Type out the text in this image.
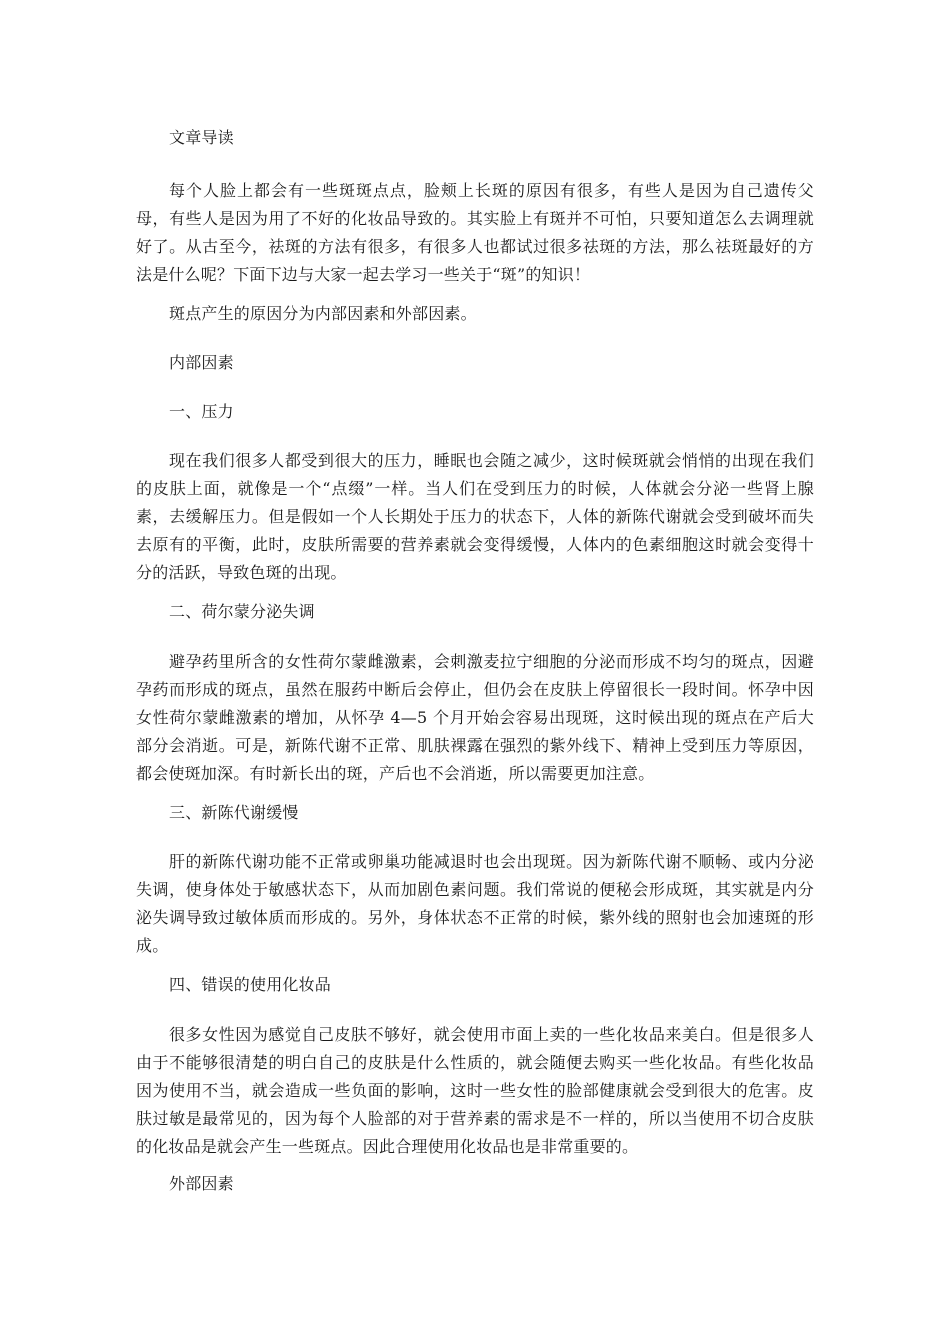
文章导读

每个人脸上都会有一些斑斑点点，脸颊上长斑的原因有很多，有些人是因为自己遗传父母，有些人是因为用了不好的化妆品导致的。其实脸上有斑并不可怕，只要知道怎么去调理就好了。从古至今，祛斑的方法有很多，有很多人也都试过很多祛斑的方法，那么祛斑最好的方法是什么呢？下面下边与大家一起去学习一些关于“斑”的知识！

斑点产生的原因分为内部因素和外部因素。

内部因素

一、压力

现在我们很多人都受到很大的压力，睡眠也会随之减少，这时候斑就会悄悄的出现在我们的皮肤上面，就像是一个“点缀”一样。当人们在受到压力的时候，人体就会分泌一些肾上腺素，去缓解压力。但是假如一个人长期处于压力的状态下，人体的新陈代谢就会受到破坏而失去原有的平衡，此时，皮肤所需要的营养素就会变得缓慢，人体内的色素细胞这时就会变得十分的活跃，导致色斑的出现。

二、荷尔蒙分泌失调

避孕药里所含的女性荷尔蒙雌激素，会刺激麦拉宁细胞的分泌而形成不均匀的斑点，因避孕药而形成的斑点，虽然在服药中断后会停止，但仍会在皮肤上停留很长一段时间。怀孕中因女性荷尔蒙雌激素的增加，从怀孕 4—5 个月开始会容易出现斑，这时候出现的斑点在产后大部分会消逝。可是，新陈代谢不正常、肌肤裸露在强烈的紫外线下、精神上受到压力等原因，都会使斑加深。有时新长出的斑，产后也不会消逝，所以需要更加注意。

三、新陈代谢缓慢

肝的新陈代谢功能不正常或卵巢功能减退时也会出现斑。因为新陈代谢不顺畅、或内分泌失调，使身体处于敏感状态下，从而加剧色素问题。我们常说的便秘会形成斑，其实就是内分泌失调导致过敏体质而形成的。另外，身体状态不正常的时候，紫外线的照射也会加速斑的形成。

四、错误的使用化妆品

很多女性因为感觉自己皮肤不够好，就会使用市面上卖的一些化妆品来美白。但是很多人由于不能够很清楚的明白自己的皮肤是什么性质的，就会随便去购买一些化妆品。有些化妆品因为使用不当，就会造成一些负面的影响，这时一些女性的脸部健康就会受到很大的危害。皮肤过敏是最常见的，因为每个人脸部的对于营养素的需求是不一样的，所以当使用不切合皮肤的化妆品是就会产生一些斑点。因此合理使用化妆品也是非常重要的。

外部因素
